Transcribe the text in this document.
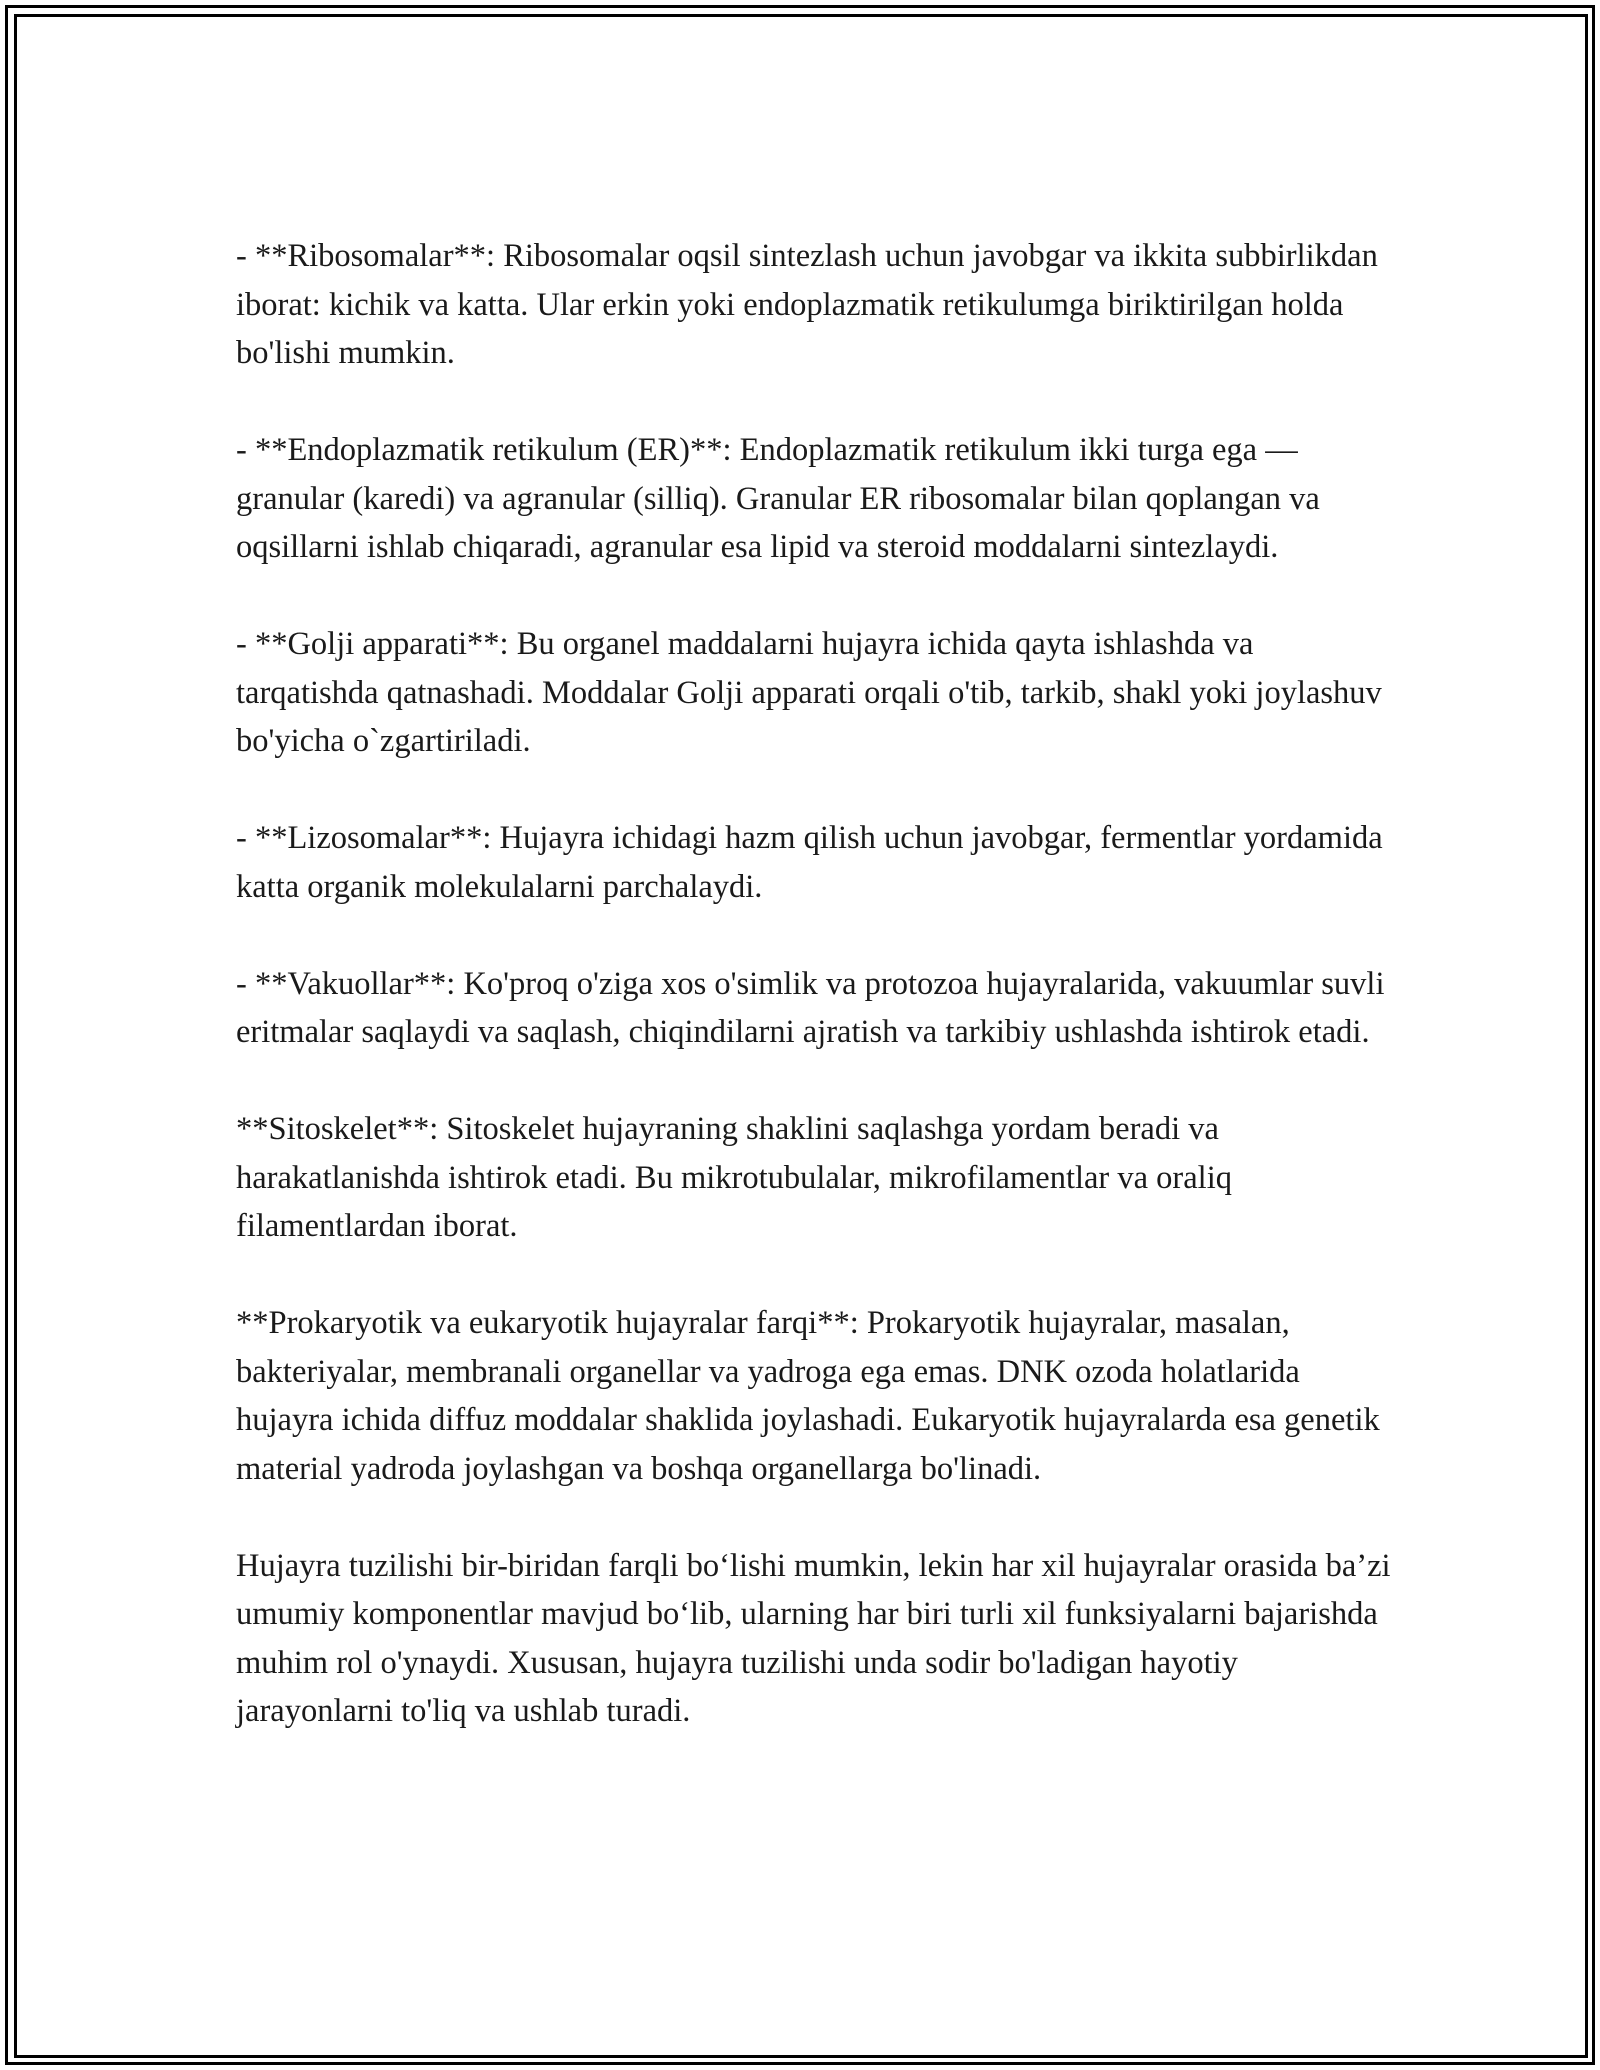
- **Ribosomalar**: Ribosomalar oqsil sintezlash uchun javobgar va ikkita subbirlikdan iborat: kichik va katta. Ular erkin yoki endoplazmatik retikulumga biriktirilgan holda bo'lishi mumkin.

- **Endoplazmatik retikulum (ER)**: Endoplazmatik retikulum ikki turga ega — granular (karedi) va agranular (silliq). Granular ER ribosomalar bilan qoplangan va oqsillarni ishlab chiqaradi, agranular esa lipid va steroid moddalarni sintezlaydi.

- **Golji apparati**: Bu organel maddalarni hujayra ichida qayta ishlashda va tarqatishda qatnashadi. Moddalar Golji apparati orqali o'tib, tarkib, shakl yoki joylashuv bo'yicha o`zgartiriladi.

- **Lizosomalar**: Hujayra ichidagi hazm qilish uchun javobgar, fermentlar yordamida katta organik molekulalarni parchalaydi.

- **Vakuollar**: Ko'proq o'ziga xos o'simlik va protozoa hujayralarida, vakuumlar suvli eritmalar saqlaydi va saqlash, chiqindilarni ajratish va tarkibiy ushlashda ishtirok etadi.

**Sitoskelet**: Sitoskelet hujayraning shaklini saqlashga yordam beradi va harakatlanishda ishtirok etadi. Bu mikrotubulalar, mikrofilamentlar va oraliq filamentlardan iborat.

**Prokaryotik va eukaryotik hujayralar farqi**: Prokaryotik hujayralar, masalan, bakteriyalar, membranali organellar va yadroga ega emas. DNK ozoda holatlarida hujayra ichida diffuz moddalar shaklida joylashadi. Eukaryotik hujayralarda esa genetik material yadroda joylashgan va boshqa organellarga bo'linadi.

Hujayra tuzilishi bir-biridan farqli bo‘lishi mumkin, lekin har xil hujayralar orasida ba’zi umumiy komponentlar mavjud bo‘lib, ularning har biri turli xil funksiyalarni bajarishda muhim rol o'ynaydi. Xususan, hujayra tuzilishi unda sodir bo'ladigan hayotiy jarayonlarni to'liq va ushlab turadi.
